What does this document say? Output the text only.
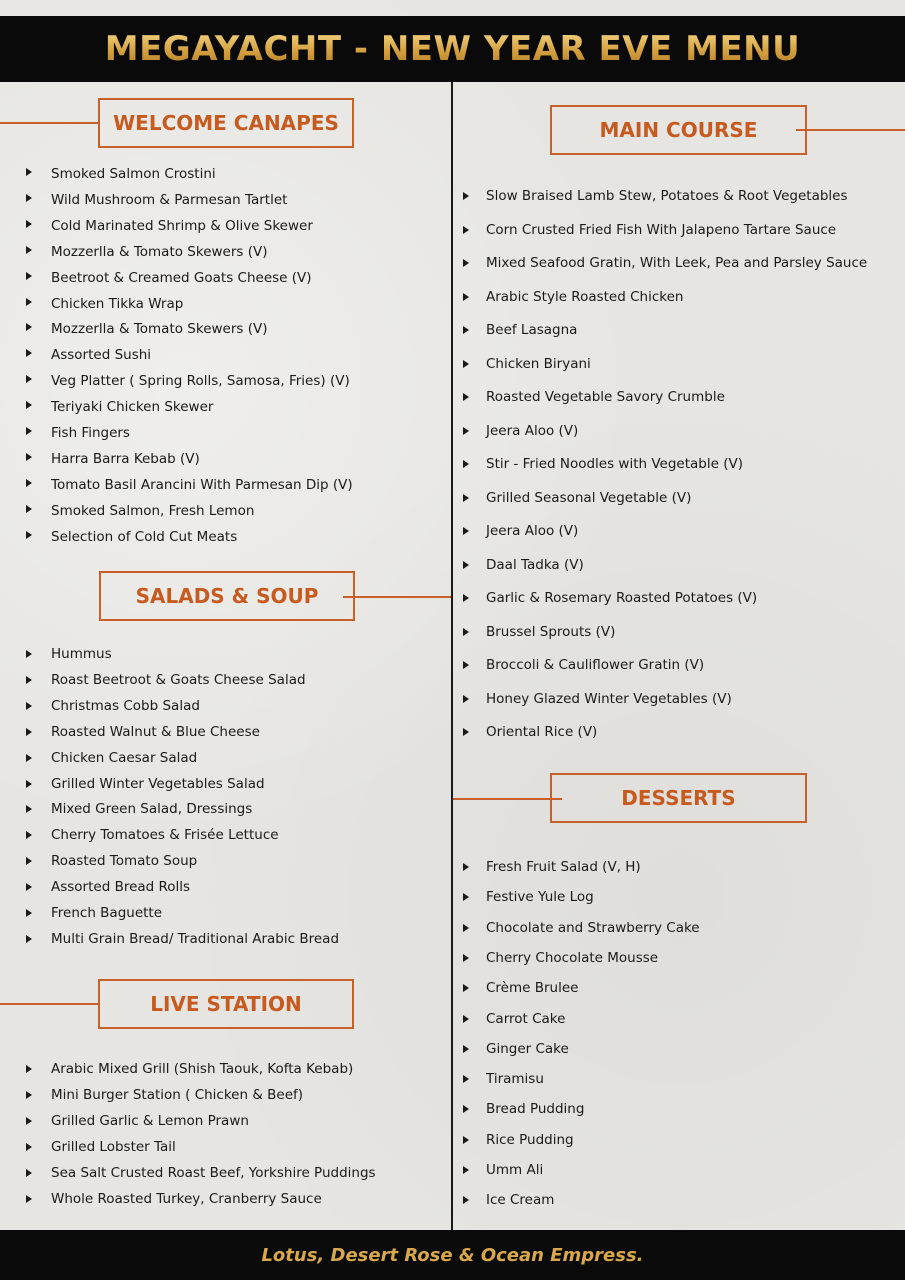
MEGAYACHT - NEW YEAR EVE MENU
WELCOME CANAPES
Smoked Salmon Crostini
Wild Mushroom & Parmesan Tartlet
Cold Marinated Shrimp & Olive Skewer
Mozzerlla & Tomato Skewers (V)
Beetroot & Creamed Goats Cheese (V)
Chicken Tikka Wrap
Mozzerlla & Tomato Skewers (V)
Assorted Sushi
Veg Platter ( Spring Rolls, Samosa, Fries) (V)
Teriyaki Chicken Skewer
Fish Fingers
Harra Barra Kebab (V)
Tomato Basil Arancini With Parmesan Dip (V)
Smoked Salmon, Fresh Lemon
Selection of Cold Cut Meats
SALADS & SOUP
Hummus
Roast Beetroot & Goats Cheese Salad
Christmas Cobb Salad
Roasted Walnut & Blue Cheese
Chicken Caesar Salad
Grilled Winter Vegetables Salad
Mixed Green Salad, Dressings
Cherry Tomatoes & Frisée Lettuce
Roasted Tomato Soup
Assorted Bread Rolls
French Baguette
Multi Grain Bread/ Traditional Arabic Bread
LIVE STATION
Arabic Mixed Grill (Shish Taouk, Kofta Kebab)
Mini Burger Station ( Chicken & Beef)
Grilled Garlic & Lemon Prawn
Grilled Lobster Tail
Sea Salt Crusted Roast Beef, Yorkshire Puddings
Whole Roasted Turkey, Cranberry Sauce
MAIN COURSE
Slow Braised Lamb Stew, Potatoes & Root Vegetables
Corn Crusted Fried Fish With Jalapeno Tartare Sauce
Mixed Seafood Gratin, With Leek, Pea and Parsley Sauce
Arabic Style Roasted Chicken
Beef Lasagna
Chicken Biryani
Roasted Vegetable Savory Crumble
Jeera Aloo (V)
Stir - Fried Noodles with Vegetable (V)
Grilled Seasonal Vegetable (V)
Jeera Aloo (V)
Daal Tadka (V)
Garlic & Rosemary Roasted Potatoes (V)
Brussel Sprouts (V)
Broccoli & Cauliflower Gratin (V)
Honey Glazed Winter Vegetables (V)
Oriental Rice (V)
DESSERTS
Fresh Fruit Salad (V, H)
Festive Yule Log
Chocolate and Strawberry Cake
Cherry Chocolate Mousse
Crème Brulee
Carrot Cake
Ginger Cake
Tiramisu
Bread Pudding
Rice Pudding
Umm Ali
Ice Cream
Lotus, Desert Rose & Ocean Empress.
